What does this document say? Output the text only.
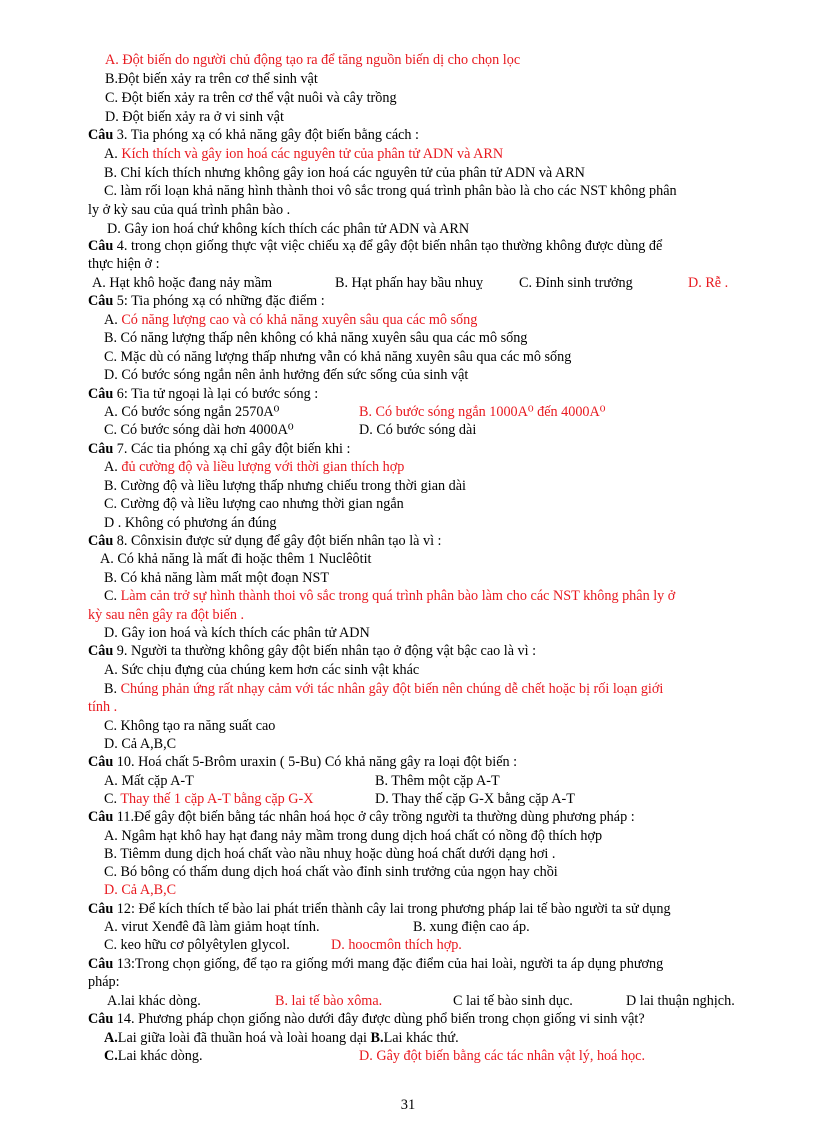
A. Đột biến do người chủ động tạo ra để tăng nguồn biến dị cho chọn lọc
B.Đột biến xảy ra trên cơ thể sinh vật
C. Đột biến xảy ra trên cơ thể vật nuôi và cây trồng
D. Đột biến xảy ra ở vi sinh vật
Câu 3. Tia phóng xạ có khả năng gây đột biến bằng cách :
A. Kích thích và gây ion hoá các nguyên tử của phân tử ADN và ARN
B. Chỉ kích thích nhưng không gây ion hoá các nguyên tử của phân tử ADN và ARN
C. làm rối loạn khả năng hình thành thoi vô sắc trong quá trình phân bào là cho các NST không phân
ly ở kỳ sau của quá trình phân bào .
D. Gây ion hoá chứ không kích thích các phân tử ADN và ARN
Câu 4. trong chọn giống thực vật việc chiếu xạ để gây đột biến nhân tạo thường không được dùng để
thực hiện ở :
A. Hạt khô hoặc đang nảy mầm	B. Hạt phấn hay bầu nhuỵ	C. Đỉnh sinh trưởng	D. Rễ .
Câu 5: Tia phóng xạ có những đặc điểm :
A. Có năng lượng cao và có khả năng xuyên sâu qua các mô sống
B. Có năng lượng thấp nên không có khả năng xuyên sâu qua các mô sống
C. Mặc dù có năng lượng thấp nhưng vẫn có khả năng xuyên sâu qua các mô sống
D. Có bước sóng ngắn nên ảnh hưởng đến sức sống của sinh vật
Câu 6: Tia tử ngoại là lại có bước sóng :
A. Có bước sóng ngắn 2570A⁰	B. Có bước sóng ngắn 1000A⁰ đến 4000A⁰
C. Có bước sóng dài hơn 4000A⁰	D. Có bước sóng dài
Câu 7. Các tia phóng xạ chỉ gây đột biến khi :
A. đủ cường độ và liều lượng với thời gian thích hợp
B. Cường độ và liều lượng thấp nhưng chiếu trong thời gian dài
C. Cường độ và liều lượng cao nhưng thời gian ngắn
D . Không có phương án đúng
Câu 8. Cônxisin được sử dụng để gây đột biến nhân tạo là vì :
A. Có khả năng là mất đi hoặc thêm 1 Nuclêôtit
B. Có khả năng làm mất một đoạn NST
C. Làm cản trở sự hình thành thoi vô sắc trong quá trình phân bào làm cho các NST không phân ly ở
kỳ sau nên gây ra đột biến .
D. Gây ion hoá và kích thích các phân tử ADN
Câu 9. Người ta thường không gây đột biến nhân tạo ở động vật bậc cao là vì :
A. Sức chịu đựng của chúng kem hơn các sinh vật khác
B. Chúng phản ứng rất nhạy cảm với tác nhân gây đột biến nên chúng dễ chết hoặc bị rối loạn giới
tính .
C. Không tạo ra năng suất cao
D. Cả A,B,C
Câu 10. Hoá chất 5-Brôm uraxin ( 5-Bu) Có khả năng gây ra loại đột biến :
A. Mất cặp A-T	B. Thêm một cặp A-T
C. Thay thế 1 cặp A-T bằng cặp G-X	D. Thay thế cặp G-X bằng cặp A-T
Câu 11.Để gây đột biến bằng tác nhân hoá học ở cây trồng người ta thường dùng phương pháp :
A. Ngâm hạt khô hay hạt đang nảy mầm trong dung dịch hoá chất có nồng độ thích hợp
B. Tiêmm dung dịch hoá chất vào nầu nhuỵ hoặc dùng hoá chất dưới dạng hơi .
C. Bó bông có thấm dung dịch hoá chất vào đỉnh sinh trưởng của ngọn hay chồi
D. Cả A,B,C
Câu 12: Để kích thích tế bào lai phát triển thành cây lai trong phương pháp lai tế bào người ta sử dụng
A. virut Xenđê đã làm giảm hoạt tính.	B. xung điện cao áp.
C. keo hữu cơ pôlyêtylen glycol.	D. hoocmôn thích hợp.
Câu 13:Trong chọn giống, để tạo ra giống mới mang đặc điểm của hai loài, người ta áp dụng phương
pháp:
A.lai khác dòng.	B. lai tế bào xôma.	C lai tế bào sinh dục.	D lai thuận nghịch.
Câu 14. Phương pháp chọn giống nào dưới đây được dùng phổ biến trong chọn giống vi sinh vật?
A.Lai giữa loài đã thuần hoá và loài hoang dại B.Lai khác thứ.
C.Lai khác dòng.	D. Gây đột biến bằng các tác nhân vật lý, hoá học.
31
